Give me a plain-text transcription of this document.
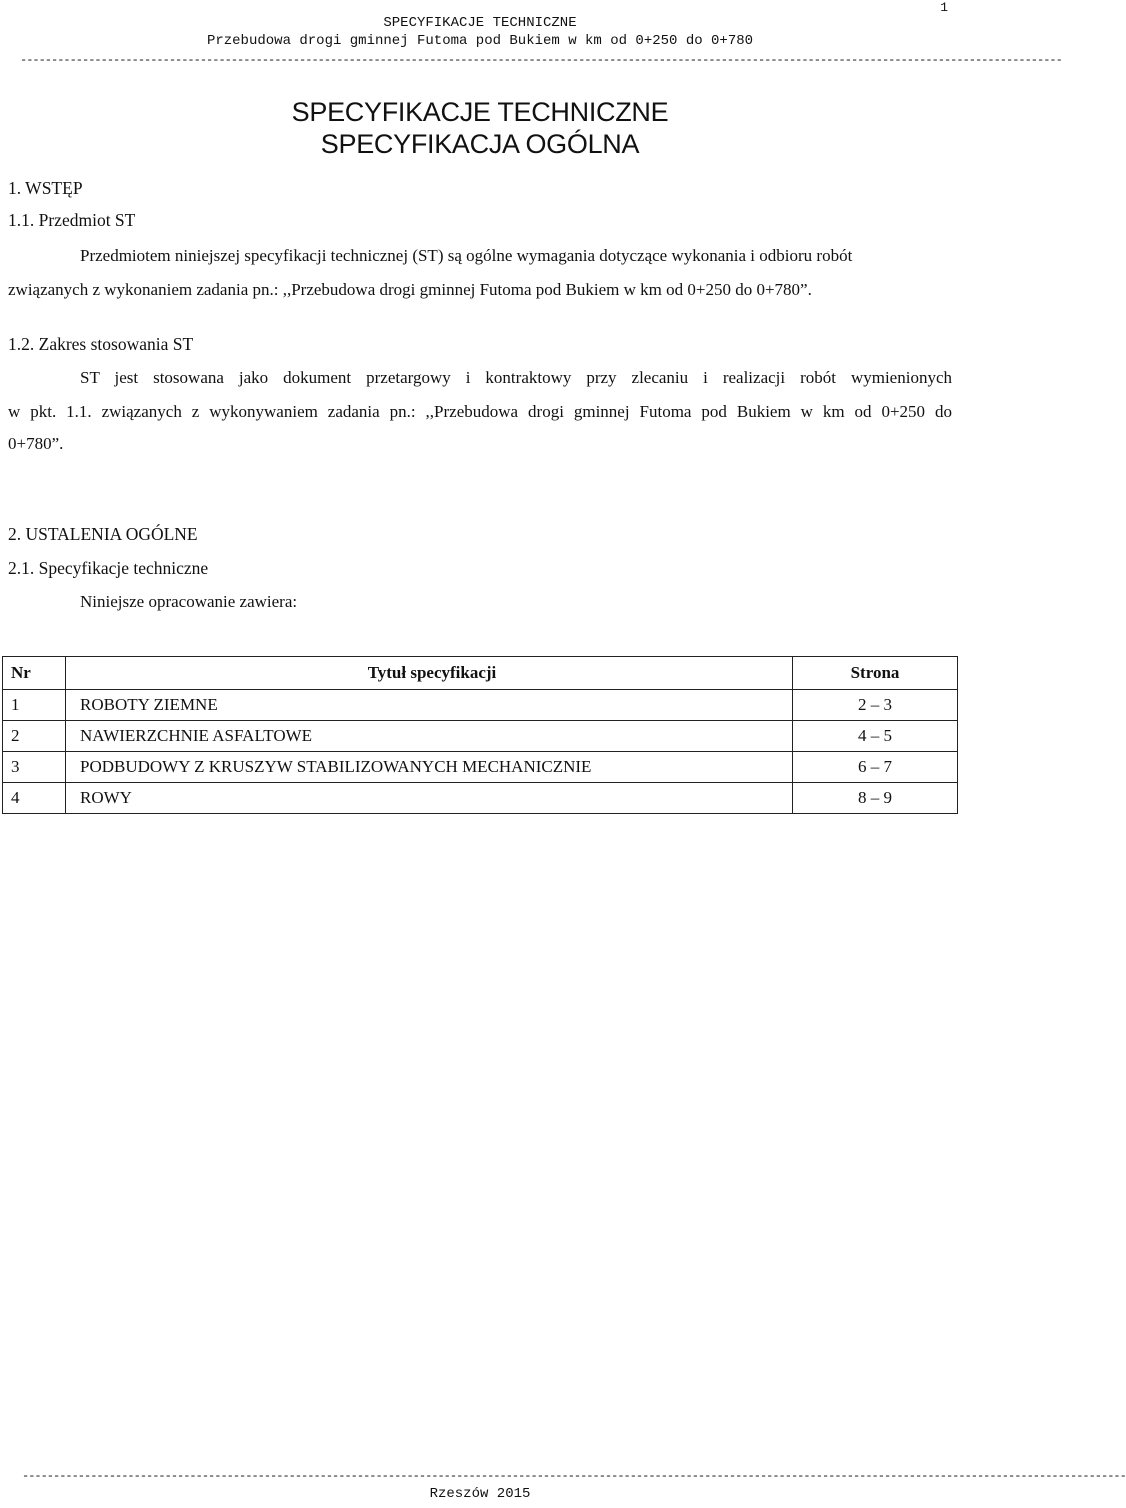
1
SPECYFIKACJE TECHNICZNE
Przebudowa drogi gminnej Futoma pod Bukiem w km od 0+250 do 0+780
------------------------------------------------------------------------------------------------------------------------------------------------------------------------
SPECYFIKACJE TECHNICZNE
SPECYFIKACJA OGÓLNA
1. WSTĘP
1.1. Przedmiot ST
Przedmiotem niniejszej specyfikacji technicznej (ST) są ogólne wymagania dotyczące wykonania i odbioru robót
związanych z wykonaniem zadania pn.: ,,Przebudowa drogi gminnej Futoma pod Bukiem w km od 0+250 do 0+780”.
1.2. Zakres stosowania ST
ST jest stosowana jako dokument przetargowy i kontraktowy przy zlecaniu i realizacji robót wymienionych
w pkt. 1.1. związanych z wykonywaniem zadania pn.: ,,Przebudowa drogi gminnej Futoma pod Bukiem w km od 0+250 do
0+780”.
2. USTALENIA OGÓLNE
2.1. Specyfikacje techniczne
Niniejsze opracowanie zawiera:
Nr	Tytuł specyfikacji	Strona
1	ROBOTY ZIEMNE	2 – 3
2	NAWIERZCHNIE ASFALTOWE	4 – 5
3	PODBUDOWY Z KRUSZYW STABILIZOWANYCH MECHANICZNIE	6 – 7
4	ROWY	8 – 9
----------------------------------------------------------------------------------------------------------------------------------------------------------------------------------
Rzeszów 2015
